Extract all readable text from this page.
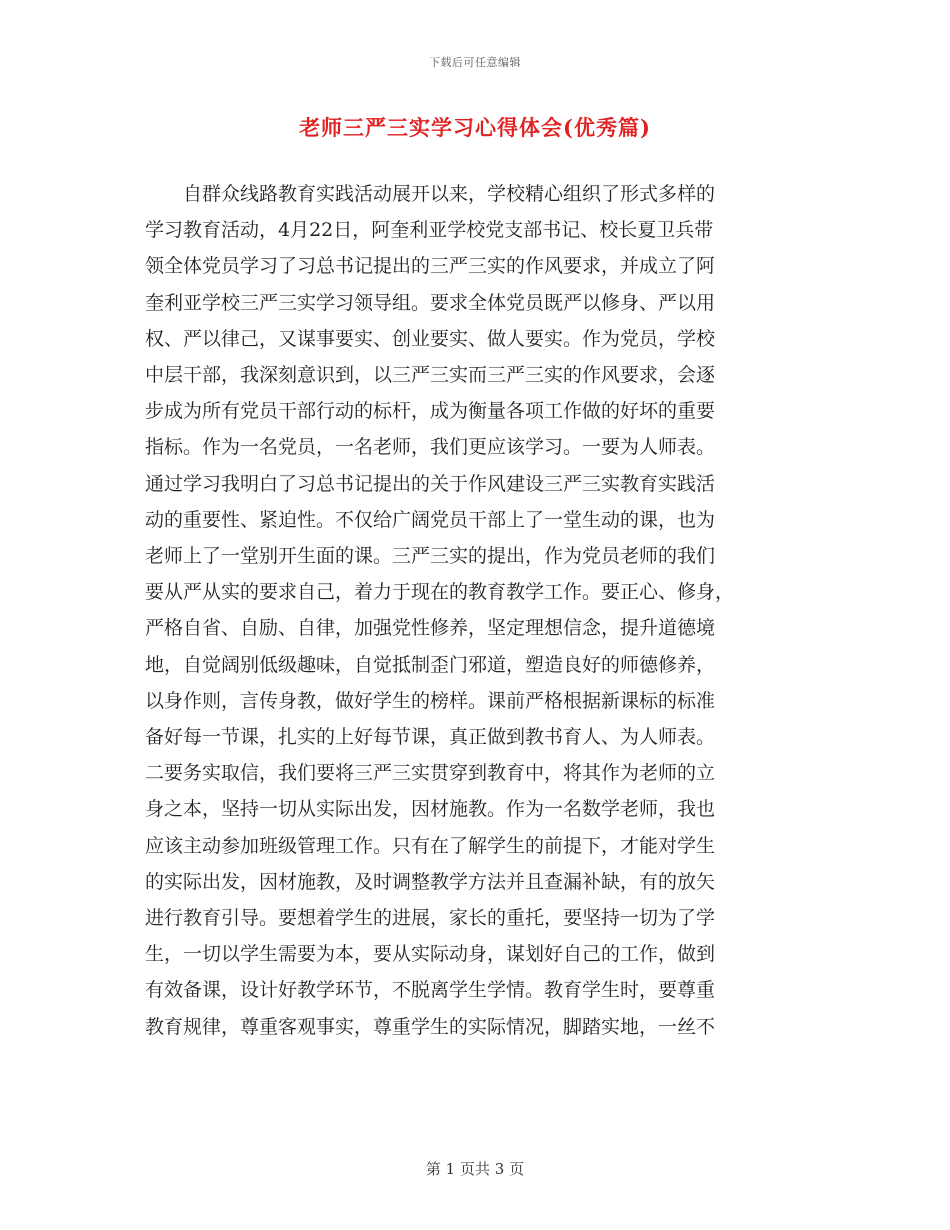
下载后可任意编辑
老师三严三实学习心得体会(优秀篇)
自群众线路教育实践活动展开以来，学校精心组织了形式多样的
学习教育活动，4月22日，阿奎利亚学校党支部书记、校长夏卫兵带
领全体党员学习了习总书记提出的三严三实的作风要求，并成立了阿
奎利亚学校三严三实学习领导组。要求全体党员既严以修身、严以用
权、严以律己，又谋事要实、创业要实、做人要实。作为党员，学校
中层干部，我深刻意识到，以三严三实而三严三实的作风要求，会逐
步成为所有党员干部行动的标杆，成为衡量各项工作做的好坏的重要
指标。作为一名党员，一名老师，我们更应该学习。一要为人师表。
通过学习我明白了习总书记提出的关于作风建设三严三实教育实践活
动的重要性、紧迫性。不仅给广阔党员干部上了一堂生动的课，也为
老师上了一堂别开生面的课。三严三实的提出，作为党员老师的我们
要从严从实的要求自己，着力于现在的教育教学工作。要正心、修身，
严格自省、自励、自律，加强党性修养，坚定理想信念，提升道德境
地，自觉阔别低级趣味，自觉抵制歪门邪道，塑造良好的师德修养，
以身作则，言传身教，做好学生的榜样。课前严格根据新课标的标准
备好每一节课，扎实的上好每节课，真正做到教书育人、为人师表。
二要务实取信，我们要将三严三实贯穿到教育中，将其作为老师的立
身之本，坚持一切从实际出发，因材施教。作为一名数学老师，我也
应该主动参加班级管理工作。只有在了解学生的前提下，才能对学生
的实际出发，因材施教，及时调整教学方法并且查漏补缺，有的放矢
进行教育引导。要想着学生的进展，家长的重托，要坚持一切为了学
生，一切以学生需要为本，要从实际动身，谋划好自己的工作，做到
有效备课，设计好教学环节，不脱离学生学情。教育学生时，要尊重
教育规律，尊重客观事实，尊重学生的实际情况，脚踏实地，一丝不
第 1 页共 3 页
